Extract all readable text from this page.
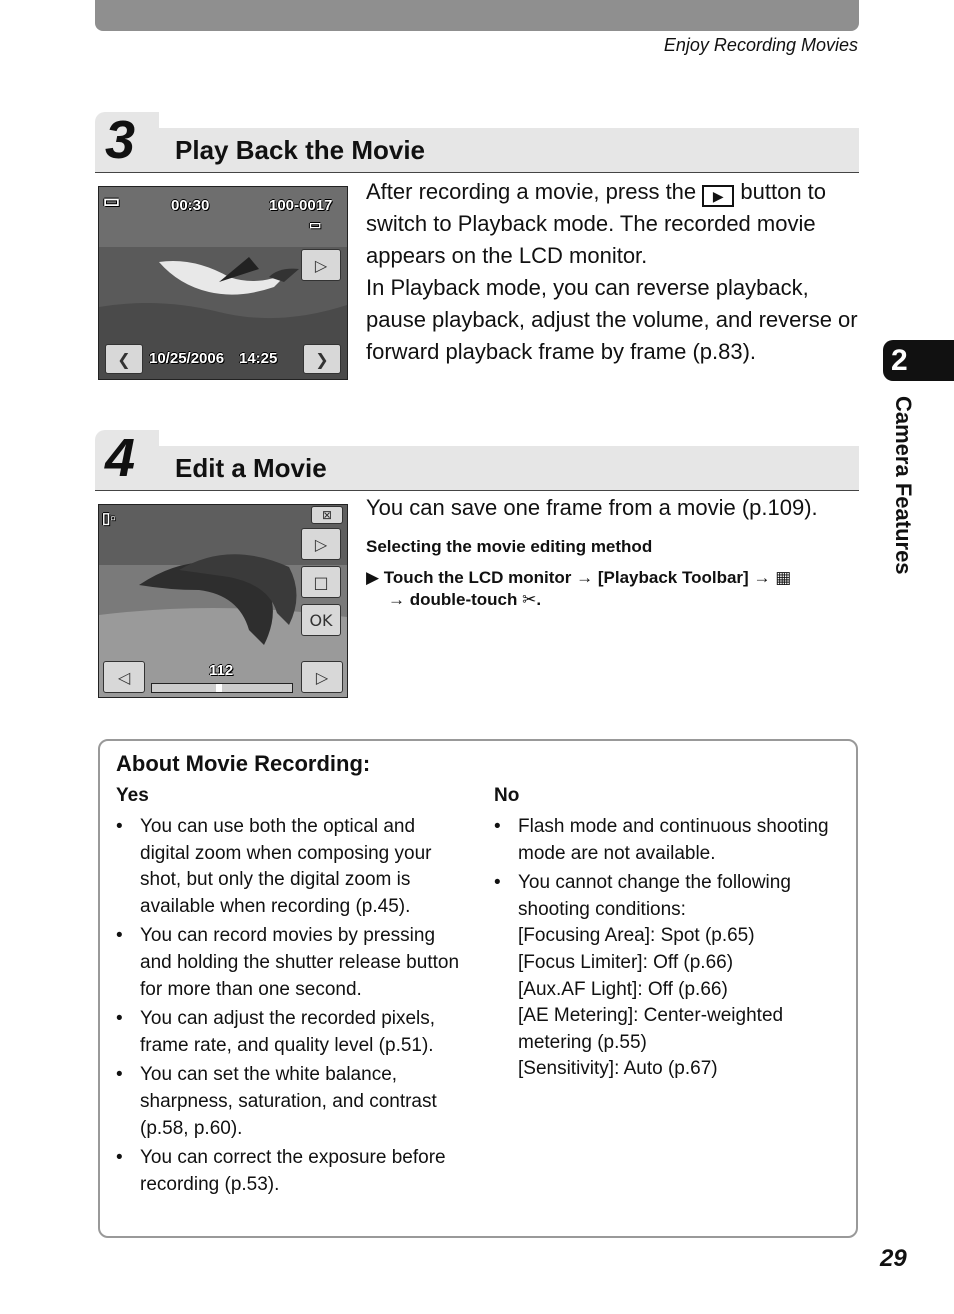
Enjoy Recording Movies
3 Play Back the Movie
▭	00:30	100-0017
▭
▷
❮	10/25/2006 14:25	❯
After recording a movie, press the ▶ button to switch to Playback mode. The recorded movie appears on the LCD monitor.
In Playback mode, you can reverse playback, pause playback, adjust the volume, and reverse or forward playback frame by frame (p.83).
4 Edit a Movie
▯▫	⊠
▷
□
OK
◁	112	▷
You can save one frame from a movie (p.109).
Selecting the movie editing method
▶ Touch the LCD monitor → [Playback Toolbar] → ▦
→ double-touch ✂.
About Movie Recording:
Yes
• You can use both the optical and digital zoom when composing your shot, but only the digital zoom is available when recording (p.45).
• You can record movies by pressing and holding the shutter release button for more than one second.
• You can adjust the recorded pixels, frame rate, and quality level (p.51).
• You can set the white balance, sharpness, saturation, and contrast (p.58, p.60).
• You can correct the exposure before recording (p.53).
No
• Flash mode and continuous shooting mode are not available.
• You cannot change the following shooting conditions:
[Focusing Area]: Spot (p.65)
[Focus Limiter]: Off (p.66)
[Aux.AF Light]: Off (p.66)
[AE Metering]: Center-weighted metering (p.55)
[Sensitivity]: Auto (p.67)
2
Camera Features
29
